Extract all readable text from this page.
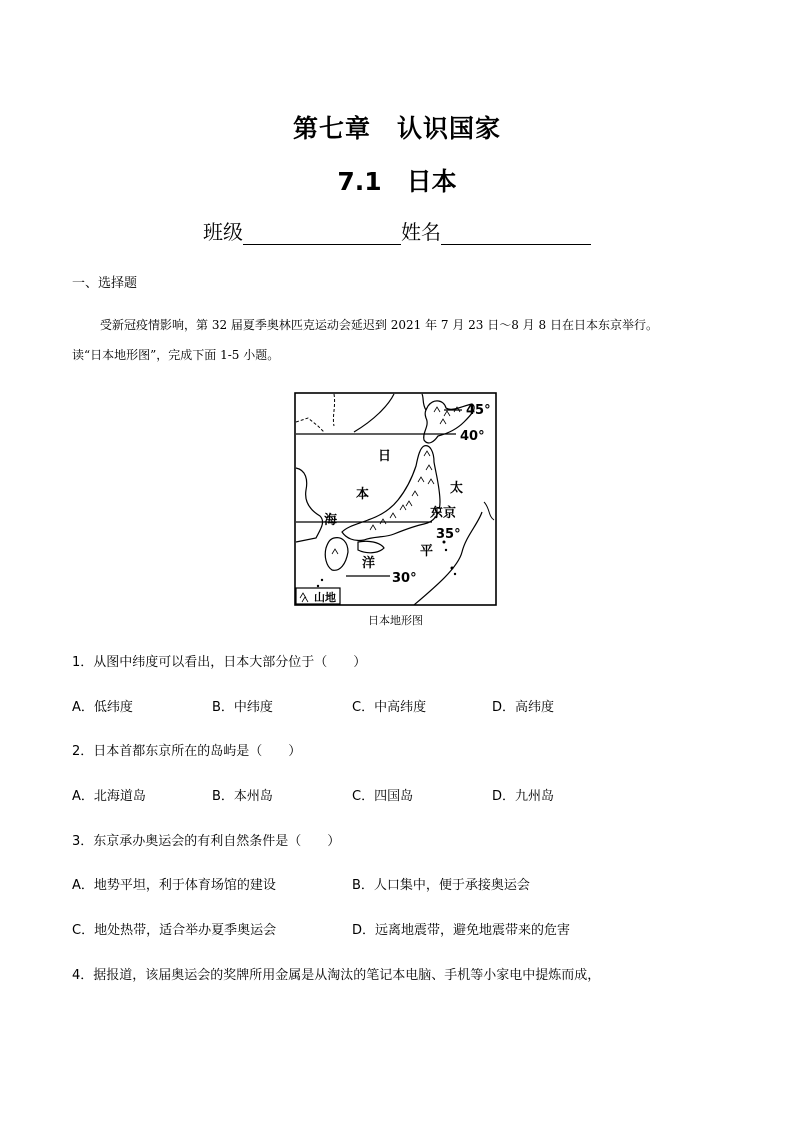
第七章　认识国家
7.1　日本
班级	姓名
一、选择题
受新冠疫情影响，第 32 届夏季奥林匹克运动会延迟到 2021 年 7 月 23 日～8 月 8 日在日本东京举行。
读“日本地形图”，完成下面 1-5 小题。
45°
40°
35°
30°
日
本
海
太
平
洋
东京
山地
日本地形图
1．从图中纬度可以看出，日本大部分位于（　　）
A．低纬度	B．中纬度	C．中高纬度	D．高纬度
2．日本首都东京所在的岛屿是（　　）
A．北海道岛	B．本州岛	C．四国岛	D．九州岛
3．东京承办奥运会的有利自然条件是（　　）
A．地势平坦，利于体育场馆的建设	B．人口集中，便于承接奥运会
C．地处热带，适合举办夏季奥运会	D．远离地震带，避免地震带来的危害
4．据报道，该届奥运会的奖牌所用金属是从淘汰的笔记本电脑、手机等小家电中提炼而成，
